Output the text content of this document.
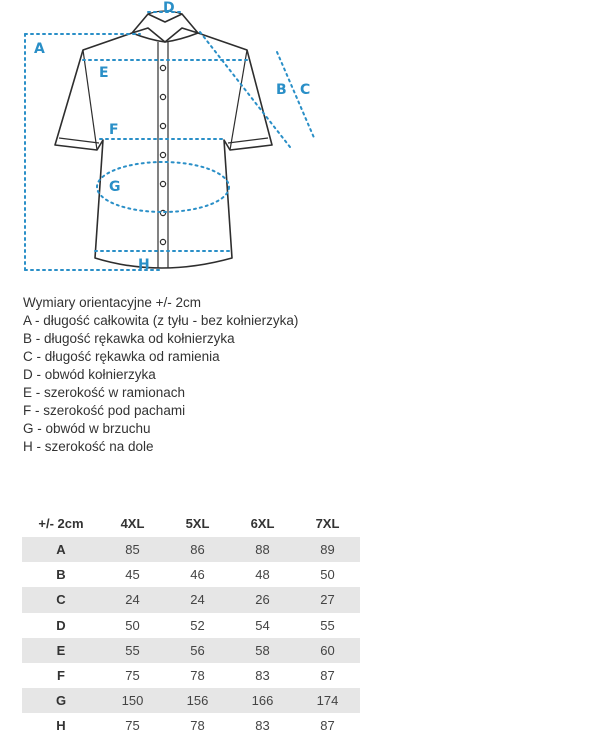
A
B C
D
E
F
G
H
Wymiary orientacyjne +/- 2cm
A - długość całkowita (z tyłu - bez kołnierzyka)
B - długość rękawka od kołnierzyka
C - długość rękawka od ramienia
D - obwód kołnierzyka
E - szerokość w ramionach
F - szerokość pod pachami
G - obwód w brzuchu
H - szerokość na dole
+/- 2cm	4XL	5XL	6XL	7XL
A	85	86	88	89
B	45	46	48	50
C	24	24	26	27
D	50	52	54	55
E	55	56	58	60
F	75	78	83	87
G	150	156	166	174
H	75	78	83	87
